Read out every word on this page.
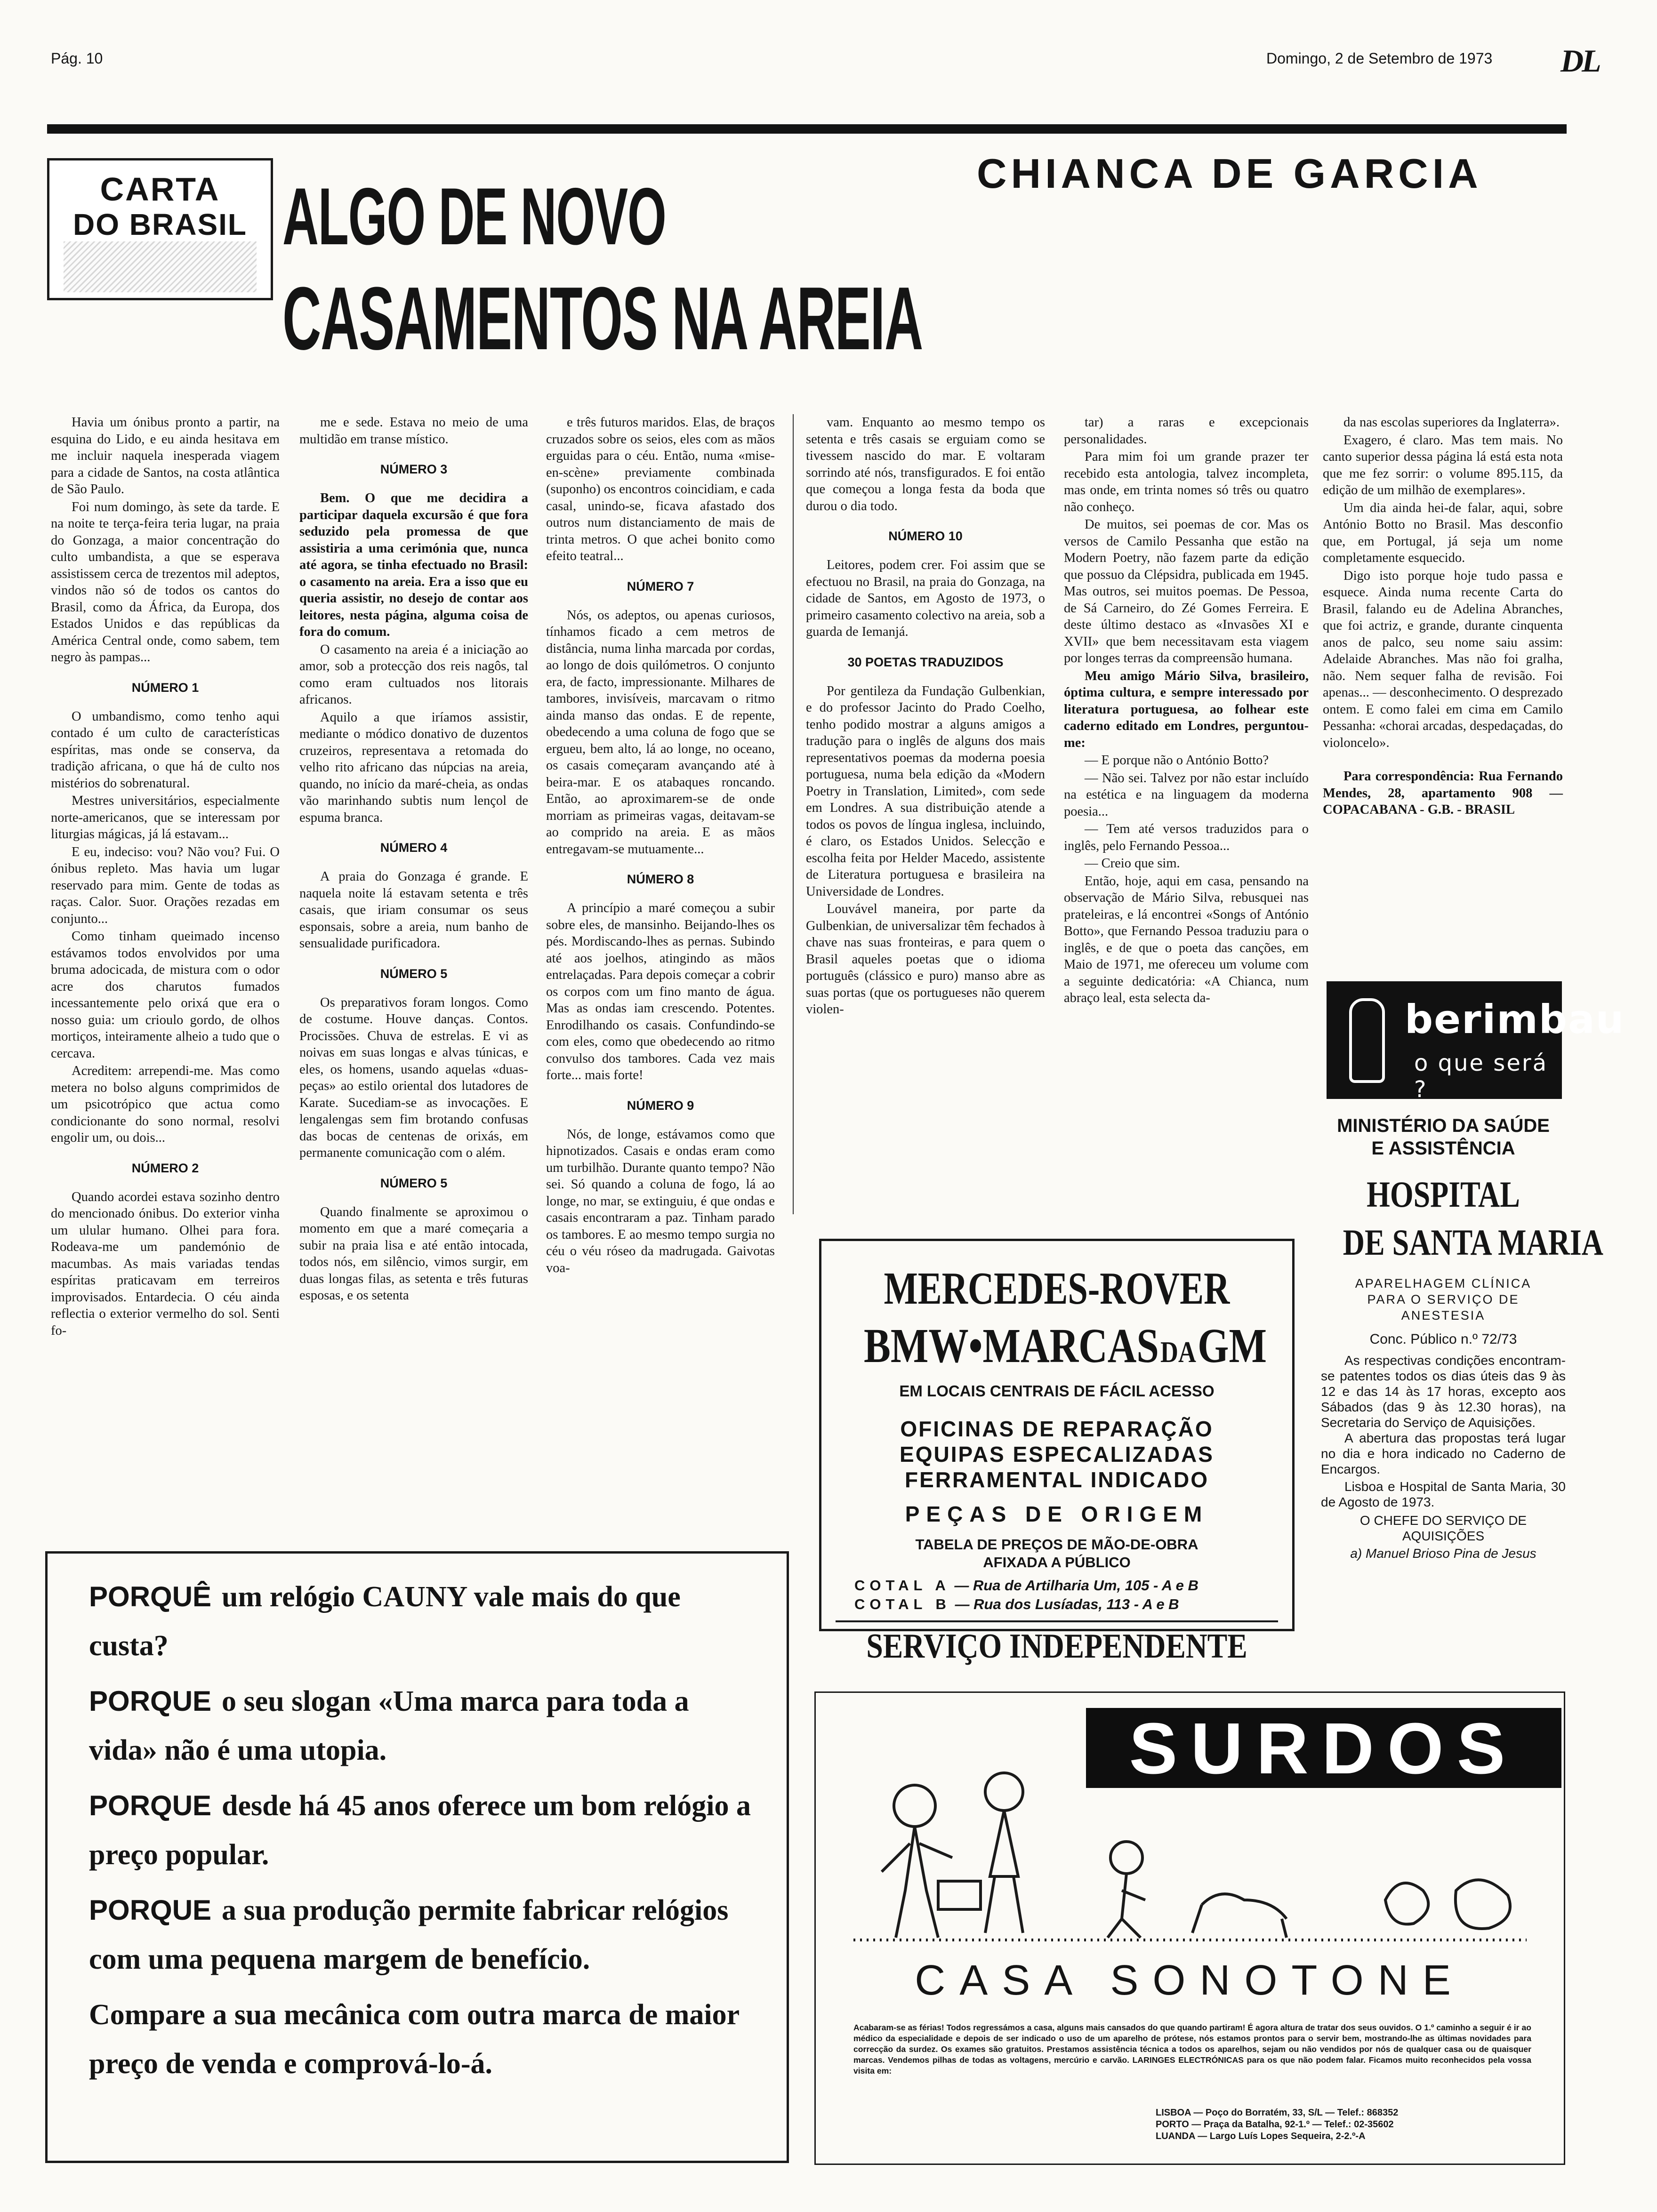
Pág. 10	Domingo, 2 de Setembro de 1973 DL
CARTA
DO BRASIL ALGO DE NOVO
CASAMENTOS NA AREIA
CHIANCA DE GARCIA

Havia um ónibus pronto a partir, na esquina do Lido, e eu ainda hesitava em me incluir naquela inesperada viagem para a cidade de Santos, na costa atlântica de São Paulo.

Foi num domingo, às sete da tarde. E na noite te terça-feira teria lugar, na praia do Gonzaga, a maior concentração do culto umbandista, a que se esperava assistissem cerca de trezentos mil adeptos, vindos não só de todos os cantos do Brasil, como da África, da Europa, dos Estados Unidos e das repúblicas da América Central onde, como sabem, tem negro às pampas...

NÚMERO 1

O umbandismo, como tenho aqui contado é um culto de características espíritas, mas onde se conserva, da tradição africana, o que há de culto nos mistérios do sobrenatural.

Mestres universitários, especialmente norte-americanos, que se interessam por liturgias mágicas, já lá estavam...

E eu, indeciso: vou? Não vou? Fui. O ónibus repleto. Mas havia um lugar reservado para mim. Gente de todas as raças. Calor. Suor. Orações rezadas em conjunto...

Como tinham queimado incenso estávamos todos envolvidos por uma bruma adocicada, de mistura com o odor acre dos charutos fumados incessantemente pelo orixá que era o nosso guia: um crioulo gordo, de olhos mortiços, inteiramente alheio a tudo que o cercava.

Acreditem: arrependi-me. Mas como metera no bolso alguns comprimidos de um psicotrópico que actua como condicionante do sono normal, resolvi engolir um, ou dois...

NÚMERO 2

Quando acordei estava sozinho dentro do mencionado ónibus. Do exterior vinha um ulular humano. Olhei para fora. Rodeava-me um pandemónio de macumbas. As mais variadas tendas espíritas praticavam em terreiros improvisados. Entardecia. O céu ainda reflectia o exterior vermelho do sol. Senti fo-

me e sede. Estava no meio de uma multidão em transe místico.

NÚMERO 3

Bem. O que me decidira a participar daquela excursão é que fora seduzido pela promessa de que assistiria a uma cerimónia que, nunca até agora, se tinha efectuado no Brasil: o casamento na areia. Era a isso que eu queria assistir, no desejo de contar aos leitores, nesta página, alguma coisa de fora do comum.

O casamento na areia é a iniciação ao amor, sob a protecção dos reis nagôs, tal como eram cultuados nos litorais africanos.

Aquilo a que iríamos assistir, mediante o módico donativo de duzentos cruzeiros, representava a retomada do velho rito africano das núpcias na areia, quando, no início da maré-cheia, as ondas vão marinhando subtis num lençol de espuma branca.

NÚMERO 4

A praia do Gonzaga é grande. E naquela noite lá estavam setenta e três casais, que iriam consumar os seus esponsais, sobre a areia, num banho de sensualidade purificadora.

NÚMERO 5

Os preparativos foram longos. Como de costume. Houve danças. Contos. Procissões. Chuva de estrelas. E vi as noivas em suas longas e alvas túnicas, e eles, os homens, usando aquelas «duas-peças» ao estilo oriental dos lutadores de Karate. Sucediam-se as invocações. E lengalengas sem fim brotando confusas das bocas de centenas de orixás, em permanente comunicação com o além.

NÚMERO 5

Quando finalmente se aproximou o momento em que a maré começaria a subir na praia lisa e até então intocada, todos nós, em silêncio, vimos surgir, em duas longas filas, as setenta e três futuras esposas, e os setenta

e três futuros maridos. Elas, de braços cruzados sobre os seios, eles com as mãos erguidas para o céu. Então, numa «mise-en-scène» previamente combinada (suponho) os encontros coincidiam, e cada casal, unindo-se, ficava afastado dos outros num distanciamento de mais de trinta metros. O que achei bonito como efeito teatral...

NÚMERO 7

Nós, os adeptos, ou apenas curiosos, tínhamos ficado a cem metros de distância, numa linha marcada por cordas, ao longo de dois quilómetros. O conjunto era, de facto, impressionante. Milhares de tambores, invisíveis, marcavam o ritmo ainda manso das ondas. E de repente, obedecendo a uma coluna de fogo que se ergueu, bem alto, lá ao longe, no oceano, os casais começaram avançando até à beira-mar. E os atabaques roncando. Então, ao aproximarem-se de onde morriam as primeiras vagas, deitavam-se ao comprido na areia. E as mãos entregavam-se mutuamente...

NÚMERO 8

A princípio a maré começou a subir sobre eles, de mansinho. Beijando-lhes os pés. Mordiscando-lhes as pernas. Subindo até aos joelhos, atingindo as mãos entrelaçadas. Para depois começar a cobrir os corpos com um fino manto de água. Mas as ondas iam crescendo. Potentes. Enrodilhando os casais. Confundindo-se com eles, como que obedecendo ao ritmo convulso dos tambores. Cada vez mais forte... mais forte!

NÚMERO 9

Nós, de longe, estávamos como que hipnotizados. Casais e ondas eram como um turbilhão. Durante quanto tempo? Não sei. Só quando a coluna de fogo, lá ao longe, no mar, se extinguiu, é que ondas e casais encontraram a paz. Tinham parado os tambores. E ao mesmo tempo surgia no céu o véu róseo da madrugada. Gaivotas voa-

vam. Enquanto ao mesmo tempo os setenta e três casais se erguiam como se tivessem nascido do mar. E voltaram sorrindo até nós, transfigurados. E foi então que começou a longa festa da boda que durou o dia todo.

NÚMERO 10

Leitores, podem crer. Foi assim que se efectuou no Brasil, na praia do Gonzaga, na cidade de Santos, em Agosto de 1973, o primeiro casamento colectivo na areia, sob a guarda de Iemanjá.

30 POETAS TRADUZIDOS

Por gentileza da Fundação Gulbenkian, e do professor Jacinto do Prado Coelho, tenho podido mostrar a alguns amigos a tradução para o inglês de alguns dos mais representativos poemas da moderna poesia portuguesa, numa bela edição da «Modern Poetry in Translation, Limited», com sede em Londres. A sua distribuição atende a todos os povos de língua inglesa, incluindo, é claro, os Estados Unidos. Selecção e escolha feita por Helder Macedo, assistente de Literatura portuguesa e brasileira na Universidade de Londres.

Louvável maneira, por parte da Gulbenkian, de universalizar têm fechados à chave nas suas fronteiras, e para quem o Brasil aqueles poetas que o idioma português (clássico e puro) manso abre as suas portas (que os portugueses não querem violen-

tar) a raras e excepcionais personalidades.

Para mim foi um grande prazer ter recebido esta antologia, talvez incompleta, mas onde, em trinta nomes só três ou quatro não conheço.

De muitos, sei poemas de cor. Mas os versos de Camilo Pessanha que estão na Modern Poetry, não fazem parte da edição que possuo da Clépsidra, publicada em 1945. Mas outros, sei muitos poemas. De Pessoa, de Sá Carneiro, do Zé Gomes Ferreira. E deste último destaco as «Invasões XI e XVII» que bem necessitavam esta viagem por longes terras da compreensão humana.

Meu amigo Mário Silva, brasileiro, óptima cultura, e sempre interessado por literatura portuguesa, ao folhear este caderno editado em Londres, perguntou-me:

— E porque não o António Botto?

— Não sei. Talvez por não estar incluído na estética e na linguagem da moderna poesia...

— Tem até versos traduzidos para o inglês, pelo Fernando Pessoa...

— Creio que sim.

Então, hoje, aqui em casa, pensando na observação de Mário Silva, rebusquei nas prateleiras, e lá encontrei «Songs of António Botto», que Fernando Pessoa traduziu para o inglês, e de que o poeta das canções, em Maio de 1971, me ofereceu um volume com a seguinte dedicatória: «A Chianca, num abraço leal, esta selecta da-

da nas escolas superiores da Inglaterra».

Exagero, é claro. Mas tem mais. No canto superior dessa página lá está esta nota que me fez sorrir: o volume 895.115, da edição de um milhão de exemplares».

Um dia ainda hei-de falar, aqui, sobre António Botto no Brasil. Mas desconfio que, em Portugal, já seja um nome completamente esquecido.

Digo isto porque hoje tudo passa e esquece. Ainda numa recente Carta do Brasil, falando eu de Adelina Abranches, que foi actriz, e grande, durante cinquenta anos de palco, seu nome saiu assim: Adelaide Abranches. Mas não foi gralha, não. Nem sequer falha de revisão. Foi apenas... — desconhecimento. O desprezado ontem. E como falei em cima em Camilo Pessanha: «chorai arcadas, despedaçadas, do violoncelo».

Para correspondência: Rua Fernando Mendes, 28, apartamento 908 — COPACABANA - G.B. - BRASIL

berimbau
o que será ?
MINISTÉRIO DA SAÚDE E ASSISTÊNCIA
HOSPITAL
DE SANTA MARIA
APARELHAGEM CLÍNICA PARA O SERVIÇO DE ANESTESIA
Conc. Público n.º 72/73
As respectivas condições encontram-se patentes todos os dias úteis das 9 às 12 e das 14 às 17 horas, excepto aos Sábados (das 9 às 12.30 horas), na Secretaria do Serviço de Aquisições.
A abertura das propostas terá lugar no dia e hora indicado no Caderno de Encargos.
Lisboa e Hospital de Santa Maria, 30 de Agosto de 1973.
O CHEFE DO SERVIÇO DE AQUISIÇÕES
a) Manuel Brioso Pina de Jesus
MERCEDES-ROVER
BMW•MARCAS DA GM
EM LOCAIS CENTRAIS DE FÁCIL ACESSO
OFICINAS DE REPARAÇÃO
EQUIPAS ESPECALIZADAS
FERRAMENTAL INDICADO
PEÇAS DE ORIGEM
TABELA DE PREÇOS DE MÃO-DE-OBRA
AFIXADA A PÚBLICO
COTAL A — Rua de Artilharia Um, 105 - A e B
COTAL B — Rua dos Lusíadas, 113 - A e B
SERVIÇO INDEPENDENTE
PORQUÊ um relógio CAUNY vale mais do que custa?
PORQUE o seu slogan «Uma marca para toda a vida» não é uma utopia.
PORQUE desde há 45 anos oferece um bom relógio a preço popular.
PORQUE a sua produção permite fabricar relógios com uma pequena margem de benefício.
Compare a sua mecânica com outra marca de maior preço de venda e comprová-lo-á.
SURDOS
CASA SONOTONE
Acabaram-se as férias! Todos regressámos a casa, alguns mais cansados do que quando partiram! É agora altura de tratar dos seus ouvidos. O 1.º caminho a seguir é ir ao médico da especialidade e depois de ser indicado o uso de um aparelho de prótese, nós estamos prontos para o servir bem, mostrando-lhe as últimas novidades para correcção da surdez. Os exames são gratuitos. Prestamos assistência técnica a todos os aparelhos, sejam ou não vendidos por nós de qualquer casa ou de quaisquer marcas. Vendemos pilhas de todas as voltagens, mercúrio e carvão. LARINGES ELECTRÓNICAS para os que não podem falar. Ficamos muito reconhecidos pela vossa visita em:
LISBOA — Poço do Borratém, 33, S/L — Telef.: 868352
PORTO — Praça da Batalha, 92-1.º — Telef.: 02-35602
LUANDA — Largo Luís Lopes Sequeira, 2-2.º-A
